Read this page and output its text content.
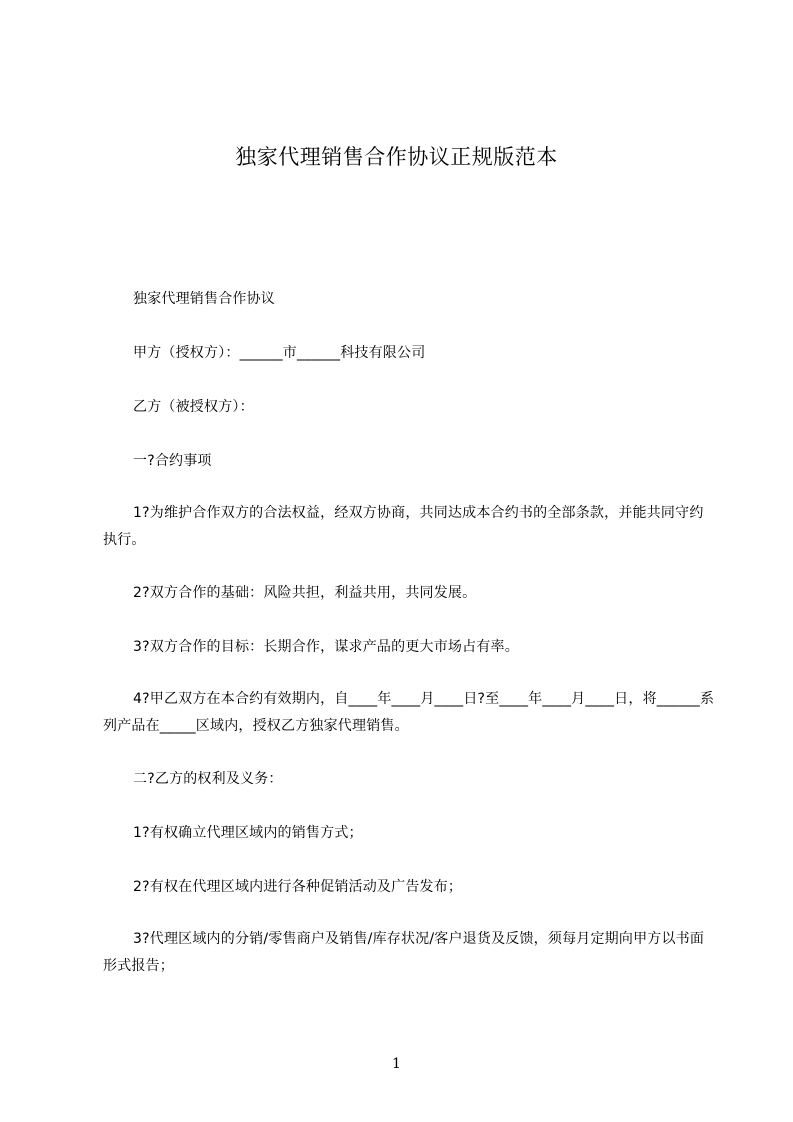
独家代理销售合作协议正规版范本
独家代理销售合作协议
甲方（授权方）：______市______科技有限公司
乙方（被授权方）：
一?合约事项
1?为维护合作双方的合法权益，经双方协商，共同达成本合约书的全部条款，并能共同守约执行。
2?双方合作的基础：风险共担，利益共用，共同发展。
3?双方合作的目标：长期合作，谋求产品的更大市场占有率。
4?甲乙双方在本合约有效期内，自____年____月____日?至____年____月____日，将______系列产品在_____区域内，授权乙方独家代理销售。
二?乙方的权利及义务：
1?有权确立代理区域内的销售方式；
2?有权在代理区域内进行各种促销活动及广告发布；
3?代理区域内的分销/零售商户及销售/库存状况/客户退货及反馈，须每月定期向甲方以书面形式报告；
1
